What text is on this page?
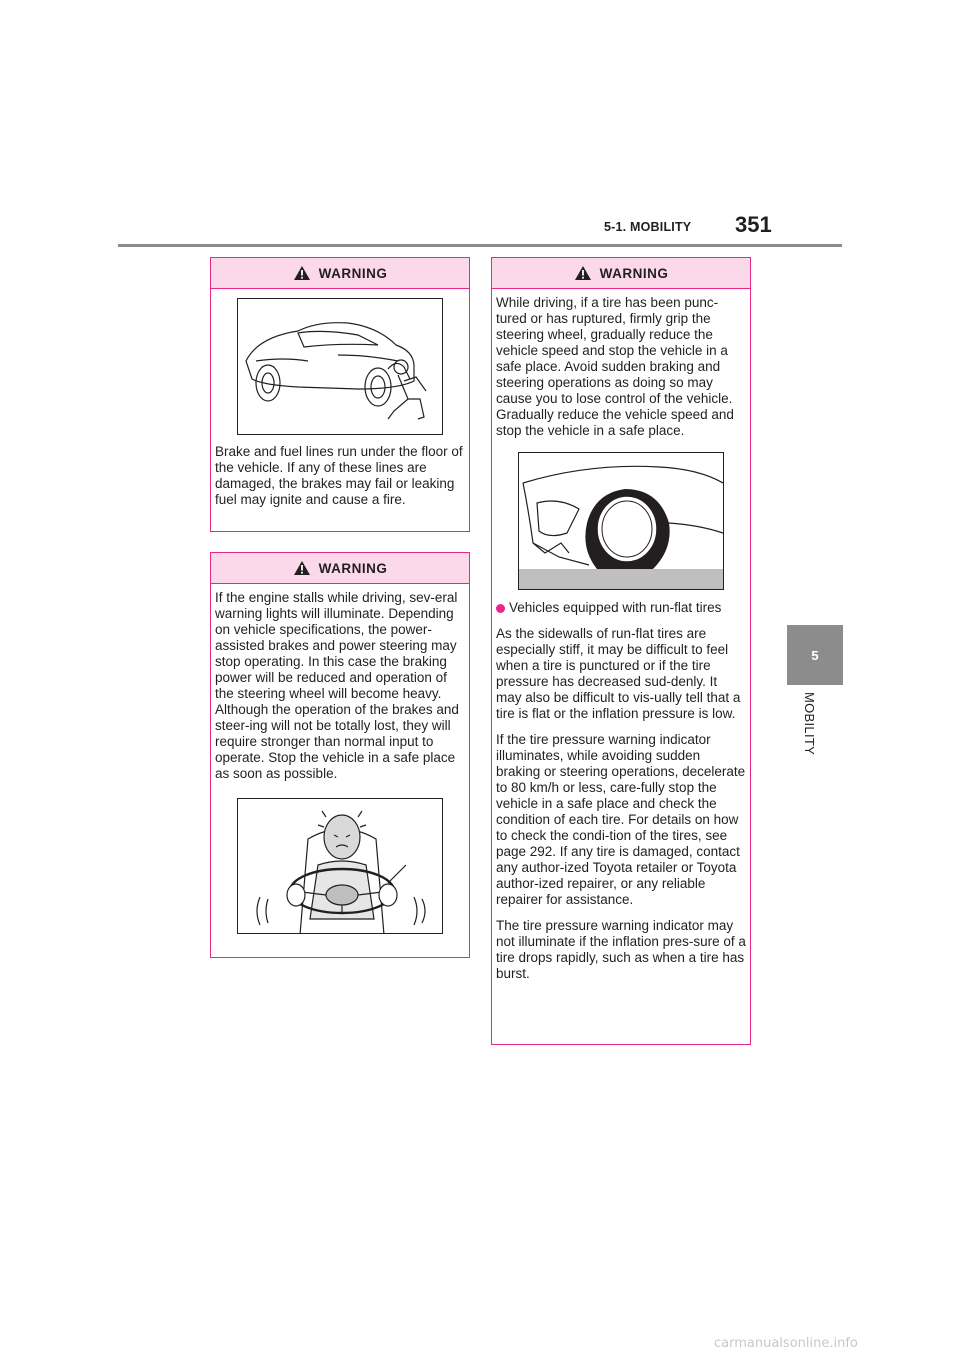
5-1. MOBILITY 351
5
MOBILITY
WARNING

Brake and fuel lines run under the floor of the vehicle. If any of these lines are damaged, the brakes may fail or leaking fuel may ignite and cause a fire.

WARNING

If the engine stalls while driving, sev-eral warning lights will illuminate. Depending on vehicle specifications, the power-assisted brakes and power steering may stop operating. In this case the braking power will be reduced and operation of the steering wheel will become heavy. Although the operation of the brakes and steer-ing will not be totally lost, they will require stronger than normal input to operate. Stop the vehicle in a safe place as soon as possible.

WARNING

While driving, if a tire has been punc-tured or has ruptured, firmly grip the steering wheel, gradually reduce the vehicle speed and stop the vehicle in a safe place. Avoid sudden braking and steering operations as doing so may cause you to lose control of the vehicle. Gradually reduce the vehicle speed and stop the vehicle in a safe place.

Vehicles equipped with run-flat tires

As the sidewalls of run-flat tires are especially stiff, it may be difficult to feel when a tire is punctured or if the tire pressure has decreased sud-denly. It may also be difficult to vis-ually tell that a tire is flat or the inflation pressure is low.

If the tire pressure warning indicator illuminates, while avoiding sudden braking or steering operations, decelerate to 80 km/h or less, care-fully stop the vehicle in a safe place and check the condition of each tire. For details on how to check the condi-tion of the tires, see page 292. If any tire is damaged, contact any author-ized Toyota retailer or Toyota author-ized repairer, or any reliable repairer for assistance.

The tire pressure warning indicator may not illuminate if the inflation pres-sure of a tire drops rapidly, such as when a tire has burst.

carmanualsonline.info
